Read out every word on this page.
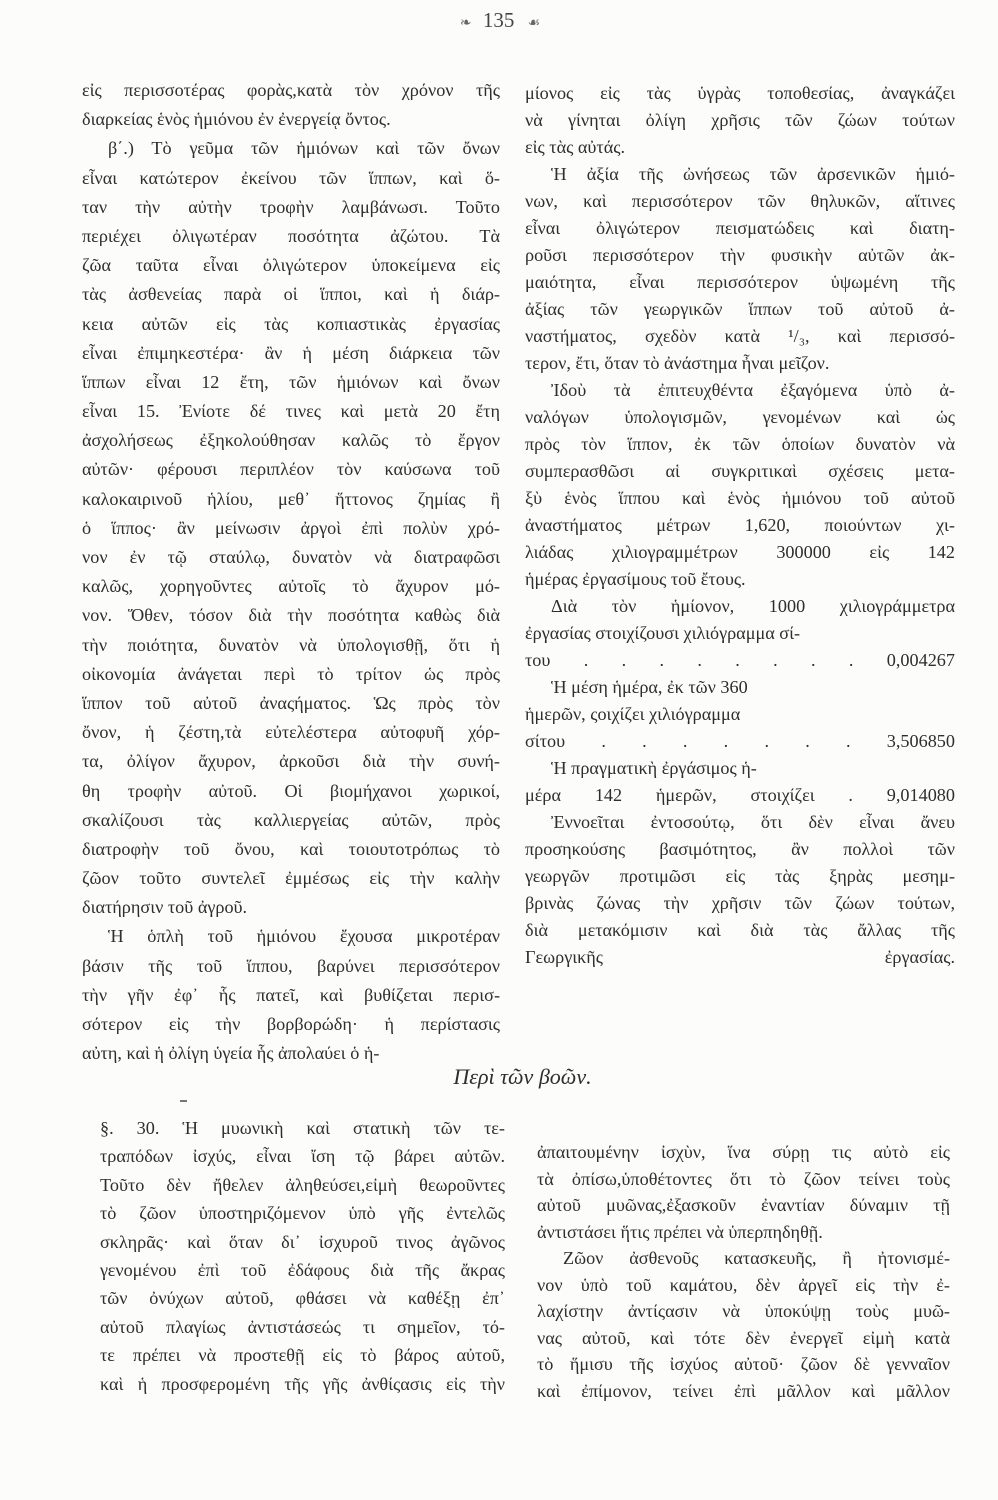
❧ 135 ☙
εἰς περισσοτέρας φορὰς,κατὰ τὸν χρόνον τῆς
διαρκείας ἑνὸς ἡμιόνου ἐν ἐνεργείᾳ ὄντος.
β΄.) Τὸ γεῦμα τῶν ἡμιόνων καὶ τῶν ὄνων
εἶναι κατώτερον ἐκείνου τῶν ἵππων, καὶ ὅ-
ταν τὴν αὐτὴν τροφὴν λαμβάνωσι. Τοῦτο
περιέχει ὀλιγωτέραν ποσότητα ἀζώτου. Τὰ
ζῶα ταῦτα εἶναι ὀλιγώτερον ὑποκείμενα εἰς
τὰς ἀσθενείας παρὰ οἱ ἵπποι, καὶ ἡ διάρ-
κεια αὐτῶν εἰς τὰς κοπιαστικὰς ἐργασίας
εἶναι ἐπιμηκεστέρα· ἂν ἡ μέση διάρκεια τῶν
ἵππων εἶναι 12 ἔτη, τῶν ἡμιόνων καὶ ὄνων
εἶναι 15. Ἐνίοτε δέ τινες καὶ μετὰ 20 ἔτη
ἀσχολήσεως ἐξηκολούθησαν καλῶς τὸ ἔργον
αὐτῶν· φέρουσι περιπλέον τὸν καύσωνα τοῦ
καλοκαιρινοῦ ἡλίου, μεθ᾽ ἥττονος ζημίας ἢ
ὁ ἵππος· ἂν μείνωσιν ἀργοὶ ἐπὶ πολὺν χρό-
νον ἐν τῷ σταύλῳ, δυνατὸν νὰ διατραφῶσι
καλῶς, χορηγοῦντες αὐτοῖς τὸ ἄχυρον μό-
νον. Ὅθεν, τόσον διὰ τὴν ποσότητα καθὼς διὰ
τὴν ποιότητα, δυνατὸν νὰ ὑπολογισθῇ, ὅτι ἡ
οἰκονομία ἀνάγεται περὶ τὸ τρίτον ὡς πρὸς
ἵππον τοῦ αὐτοῦ ἀναςήματος. Ὡς πρὸς τὸν
ὄνον, ἡ ζέστη,τὰ εὐτελέστερα αὐτοφυῆ χόρ-
τα, ὀλίγον ἄχυρον, ἀρκοῦσι διὰ τὴν συνή-
θη τροφὴν αὐτοῦ. Οἱ βιομήχανοι χωρικοί,
σκαλίζουσι τὰς καλλιεργείας αὐτῶν, πρὸς
διατροφὴν τοῦ ὄνου, καὶ τοιουτοτρόπως τὸ
ζῶον τοῦτο συντελεῖ ἐμμέσως εἰς τὴν καλὴν
διατήρησιν τοῦ ἀγροῦ.
Ἡ ὁπλὴ τοῦ ἡμιόνου ἔχουσα μικροτέραν
βάσιν τῆς τοῦ ἵππου, βαρύνει περισσότερον
τὴν γῆν ἐφ᾽ ἧς πατεῖ, καὶ βυθίζεται περισ-
σότερον εἰς τὴν βορβορώδη· ἡ περίστασις
αὐτη, καὶ ἡ ὀλίγη ὑγεία ἧς ἀπολαύει ὁ ἡ-
μίονος εἰς τὰς ὑγρὰς τοποθεσίας, ἀναγκάζει
νὰ γίνηται ὀλίγη χρῆσις τῶν ζώων τούτων
εἰς τὰς αὐτάς.
Ἡ ἀξία τῆς ὠνήσεως τῶν ἀρσενικῶν ἡμιό-
νων, καὶ περισσότερον τῶν θηλυκῶν, αἵτινες
εἶναι ὀλιγώτερον πεισματώδεις καὶ διατη-
ροῦσι περισσότερον τὴν φυσικὴν αὐτῶν ἀκ-
μαιότητα, εἶναι περισσότερον ὑψωμένη τῆς
ἀξίας τῶν γεωργικῶν ἵππων τοῦ αὐτοῦ ἀ-
ναστήματος, σχεδὸν κατὰ ¹/₃, καὶ περισσό-
τερον, ἔτι, ὅταν τὸ ἀνάστημα ἦναι μεῖζον.
Ἰδοὺ τὰ ἐπιτευχθέντα ἐξαγόμενα ὑπὸ ἀ-
ναλόγων ὑπολογισμῶν, γενομένων καὶ ὡς
πρὸς τὸν ἵππον, ἐκ τῶν ὁποίων δυνατὸν νὰ
συμπερασθῶσι αἱ συγκριτικαὶ σχέσεις μετα-
ξὺ ἑνὸς ἵππου καὶ ἑνὸς ἡμιόνου τοῦ αὐτοῦ
ἀναστήματος μέτρων 1,620, ποιούντων χι-
λιάδας χιλιογραμμέτρων 300000 εἰς 142
ἡμέρας ἐργασίμους τοῦ ἔτους.
Διὰ τὸν ἡμίονον, 1000 χιλιογράμμετρα
ἐργασίας στοιχίζουσι χιλιόγραμμα σί-
του . . . . . . . . 0,004267
Ἡ μέση ἡμέρα, ἐκ τῶν 360
ἡμερῶν, ςοιχίζει χιλιόγραμμα
σίτου . . . . . . . 3,506850
Ἡ πραγματικὴ ἐργάσιμος ἡ-
μέρα 142 ἡμερῶν, στοιχίζει . 9,014080
Ἐννοεῖται ἐντοσούτῳ, ὅτι δὲν εἶναι ἄνευ
προσηκούσης βασιμότητος, ἂν πολλοὶ τῶν
γεωργῶν προτιμῶσι εἰς τὰς ξηρὰς μεσημ-
βρινὰς ζώνας τὴν χρῆσιν τῶν ζώων τούτων,
διὰ μετακόμισιν καὶ διὰ τὰς ἄλλας τῆς
Γεωργικῆς ἐργασίας.
Περὶ τῶν βοῶν.
§. 30. Ἡ μυωνικὴ καὶ στατικὴ τῶν τε-
τραπόδων ἰσχύς, εἶναι ἴση τῷ βάρει αὐτῶν.
Τοῦτο δὲν ἤθελεν ἀληθεύσει,εἰμὴ θεωροῦντες
τὸ ζῶον ὑποστηριζόμενον ὑπὸ γῆς ἐντελῶς
σκληρᾶς· καὶ ὅταν δι᾽ ἰσχυροῦ τινος ἀγῶνος
γενομένου ἐπὶ τοῦ ἐδάφους διὰ τῆς ἄκρας
τῶν ὀνύχων αὐτοῦ, φθάσει νὰ καθέξῃ ἐπ᾽
αὐτοῦ πλαγίως ἀντιστάσεώς τι σημεῖον, τό-
τε πρέπει νὰ προστεθῇ εἰς τὸ βάρος αὐτοῦ,
καὶ ἡ προσφερομένη τῆς γῆς ἀνθίςασις εἰς τὴν
ἀπαιτουμένην ἰσχὺν, ἵνα σύρῃ τις αὐτὸ εἰς
τὰ ὀπίσω,ὑποθέτοντες ὅτι τὸ ζῶον τείνει τοὺς
αὐτοῦ μυῶνας,ἐξασκοῦν ἐναντίαν δύναμιν τῇ
ἀντιστάσει ἥτις πρέπει νὰ ὑπερπηδηθῇ.
Ζῶον ἀσθενοῦς κατασκευῆς, ἢ ἠτονισμέ-
νον ὑπὸ τοῦ καμάτου, δὲν ἀργεῖ εἰς τὴν ἐ-
λαχίστην ἀντίςασιν νὰ ὑποκύψῃ τοὺς μυῶ-
νας αὐτοῦ, καὶ τότε δὲν ἐνεργεῖ εἰμὴ κατὰ
τὸ ἥμισυ τῆς ἰσχύος αὐτοῦ· ζῶον δὲ γενναῖον
καὶ ἐπίμονον, τείνει ἐπὶ μᾶλλον καὶ μᾶλλον
